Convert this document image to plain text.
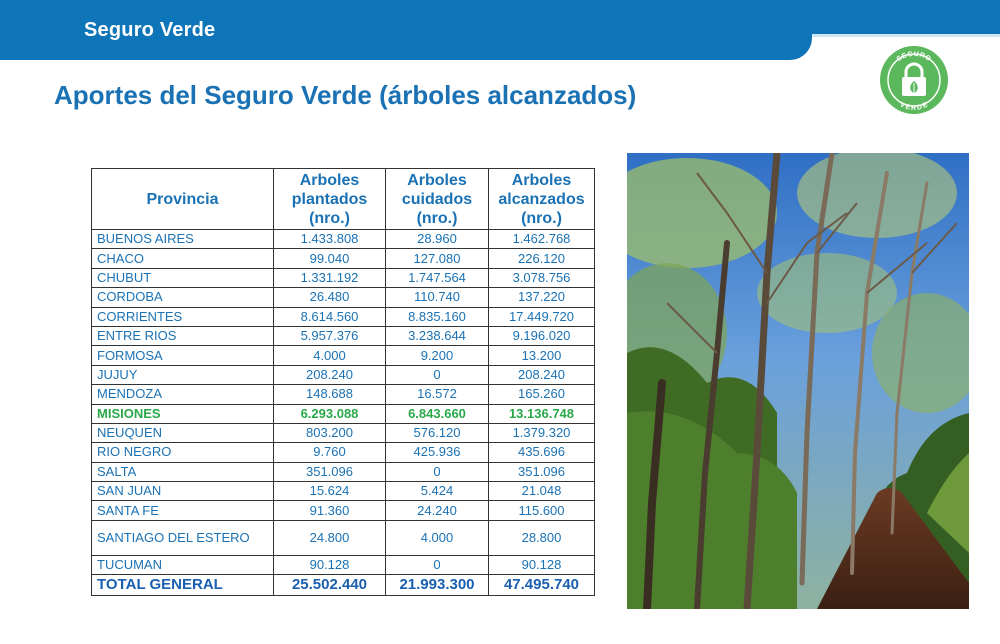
Seguro Verde
Aportes del Seguro Verde (árboles alcanzados)
SEGURO
VERDE
Provincia	Arboles plantados (nro.)	Arboles cuidados (nro.)	Arboles alcanzados (nro.)
BUENOS AIRES	1.433.808	28.960	1.462.768
CHACO	99.040	127.080	226.120
CHUBUT	1.331.192	1.747.564	3.078.756
CORDOBA	26.480	110.740	137.220
CORRIENTES	8.614.560	8.835.160	17.449.720
ENTRE RIOS	5.957.376	3.238.644	9.196.020
FORMOSA	4.000	9.200	13.200
JUJUY	208.240	0	208.240
MENDOZA	148.688	16.572	165.260
MISIONES	6.293.088	6.843.660	13.136.748
NEUQUEN	803.200	576.120	1.379.320
RIO NEGRO	9.760	425.936	435.696
SALTA	351.096	0	351.096
SAN JUAN	15.624	5.424	21.048
SANTA FE	91.360	24.240	115.600
SANTIAGO DEL ESTERO	24.800	4.000	28.800
TUCUMAN	90.128	0	90.128
TOTAL GENERAL	25.502.440	21.993.300	47.495.740
